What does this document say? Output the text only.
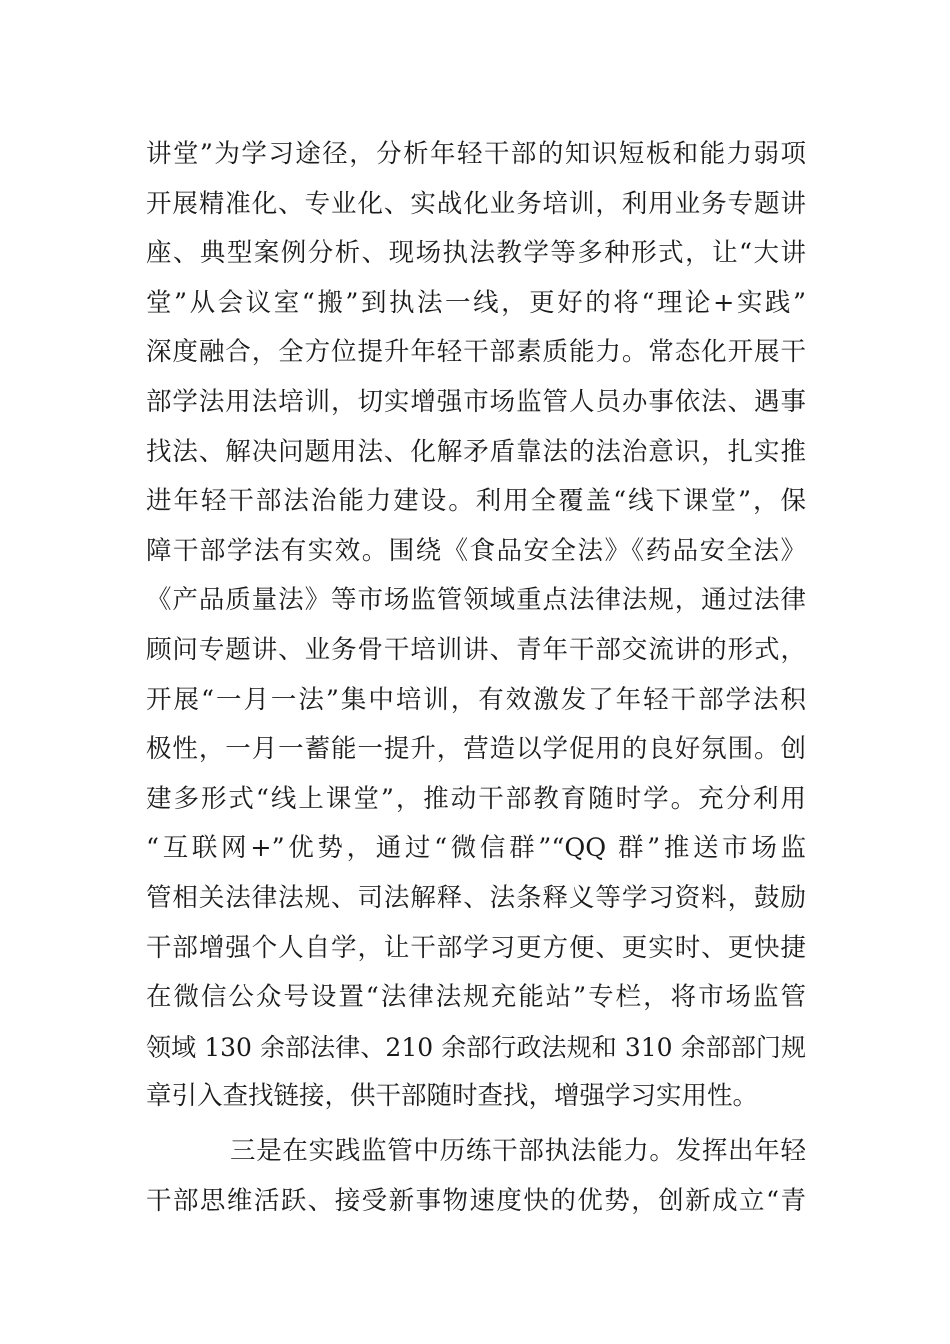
讲堂”为学习途径，分析年轻干部的知识短板和能力弱项
开展精准化、专业化、实战化业务培训，利用业务专题讲
座、典型案例分析、现场执法教学等多种形式，让“大讲
堂”从会议室“搬”到执法一线，更好的将“理论+实践”
深度融合，全方位提升年轻干部素质能力。常态化开展干
部学法用法培训，切实增强市场监管人员办事依法、遇事
找法、解决问题用法、化解矛盾靠法的法治意识，扎实推
进年轻干部法治能力建设。利用全覆盖“线下课堂”，保
障干部学法有实效。围绕《食品安全法》《药品安全法》
《产品质量法》等市场监管领域重点法律法规，通过法律
顾问专题讲、业务骨干培训讲、青年干部交流讲的形式，
开展“一月一法”集中培训，有效激发了年轻干部学法积
极性，一月一蓄能一提升，营造以学促用的良好氛围。创
建多形式“线上课堂”，推动干部教育随时学。充分利用
“互联网+”优势，通过“微信群”“QQ 群”推送市场监
管相关法律法规、司法解释、法条释义等学习资料，鼓励
干部增强个人自学，让干部学习更方便、更实时、更快捷
在微信公众号设置“法律法规充能站”专栏，将市场监管
领域 130 余部法律、210 余部行政法规和 310 余部部门规
章引入查找链接，供干部随时查找，增强学习实用性。
三是在实践监管中历练干部执法能力。发挥出年轻
干部思维活跃、接受新事物速度快的优势，创新成立“青
